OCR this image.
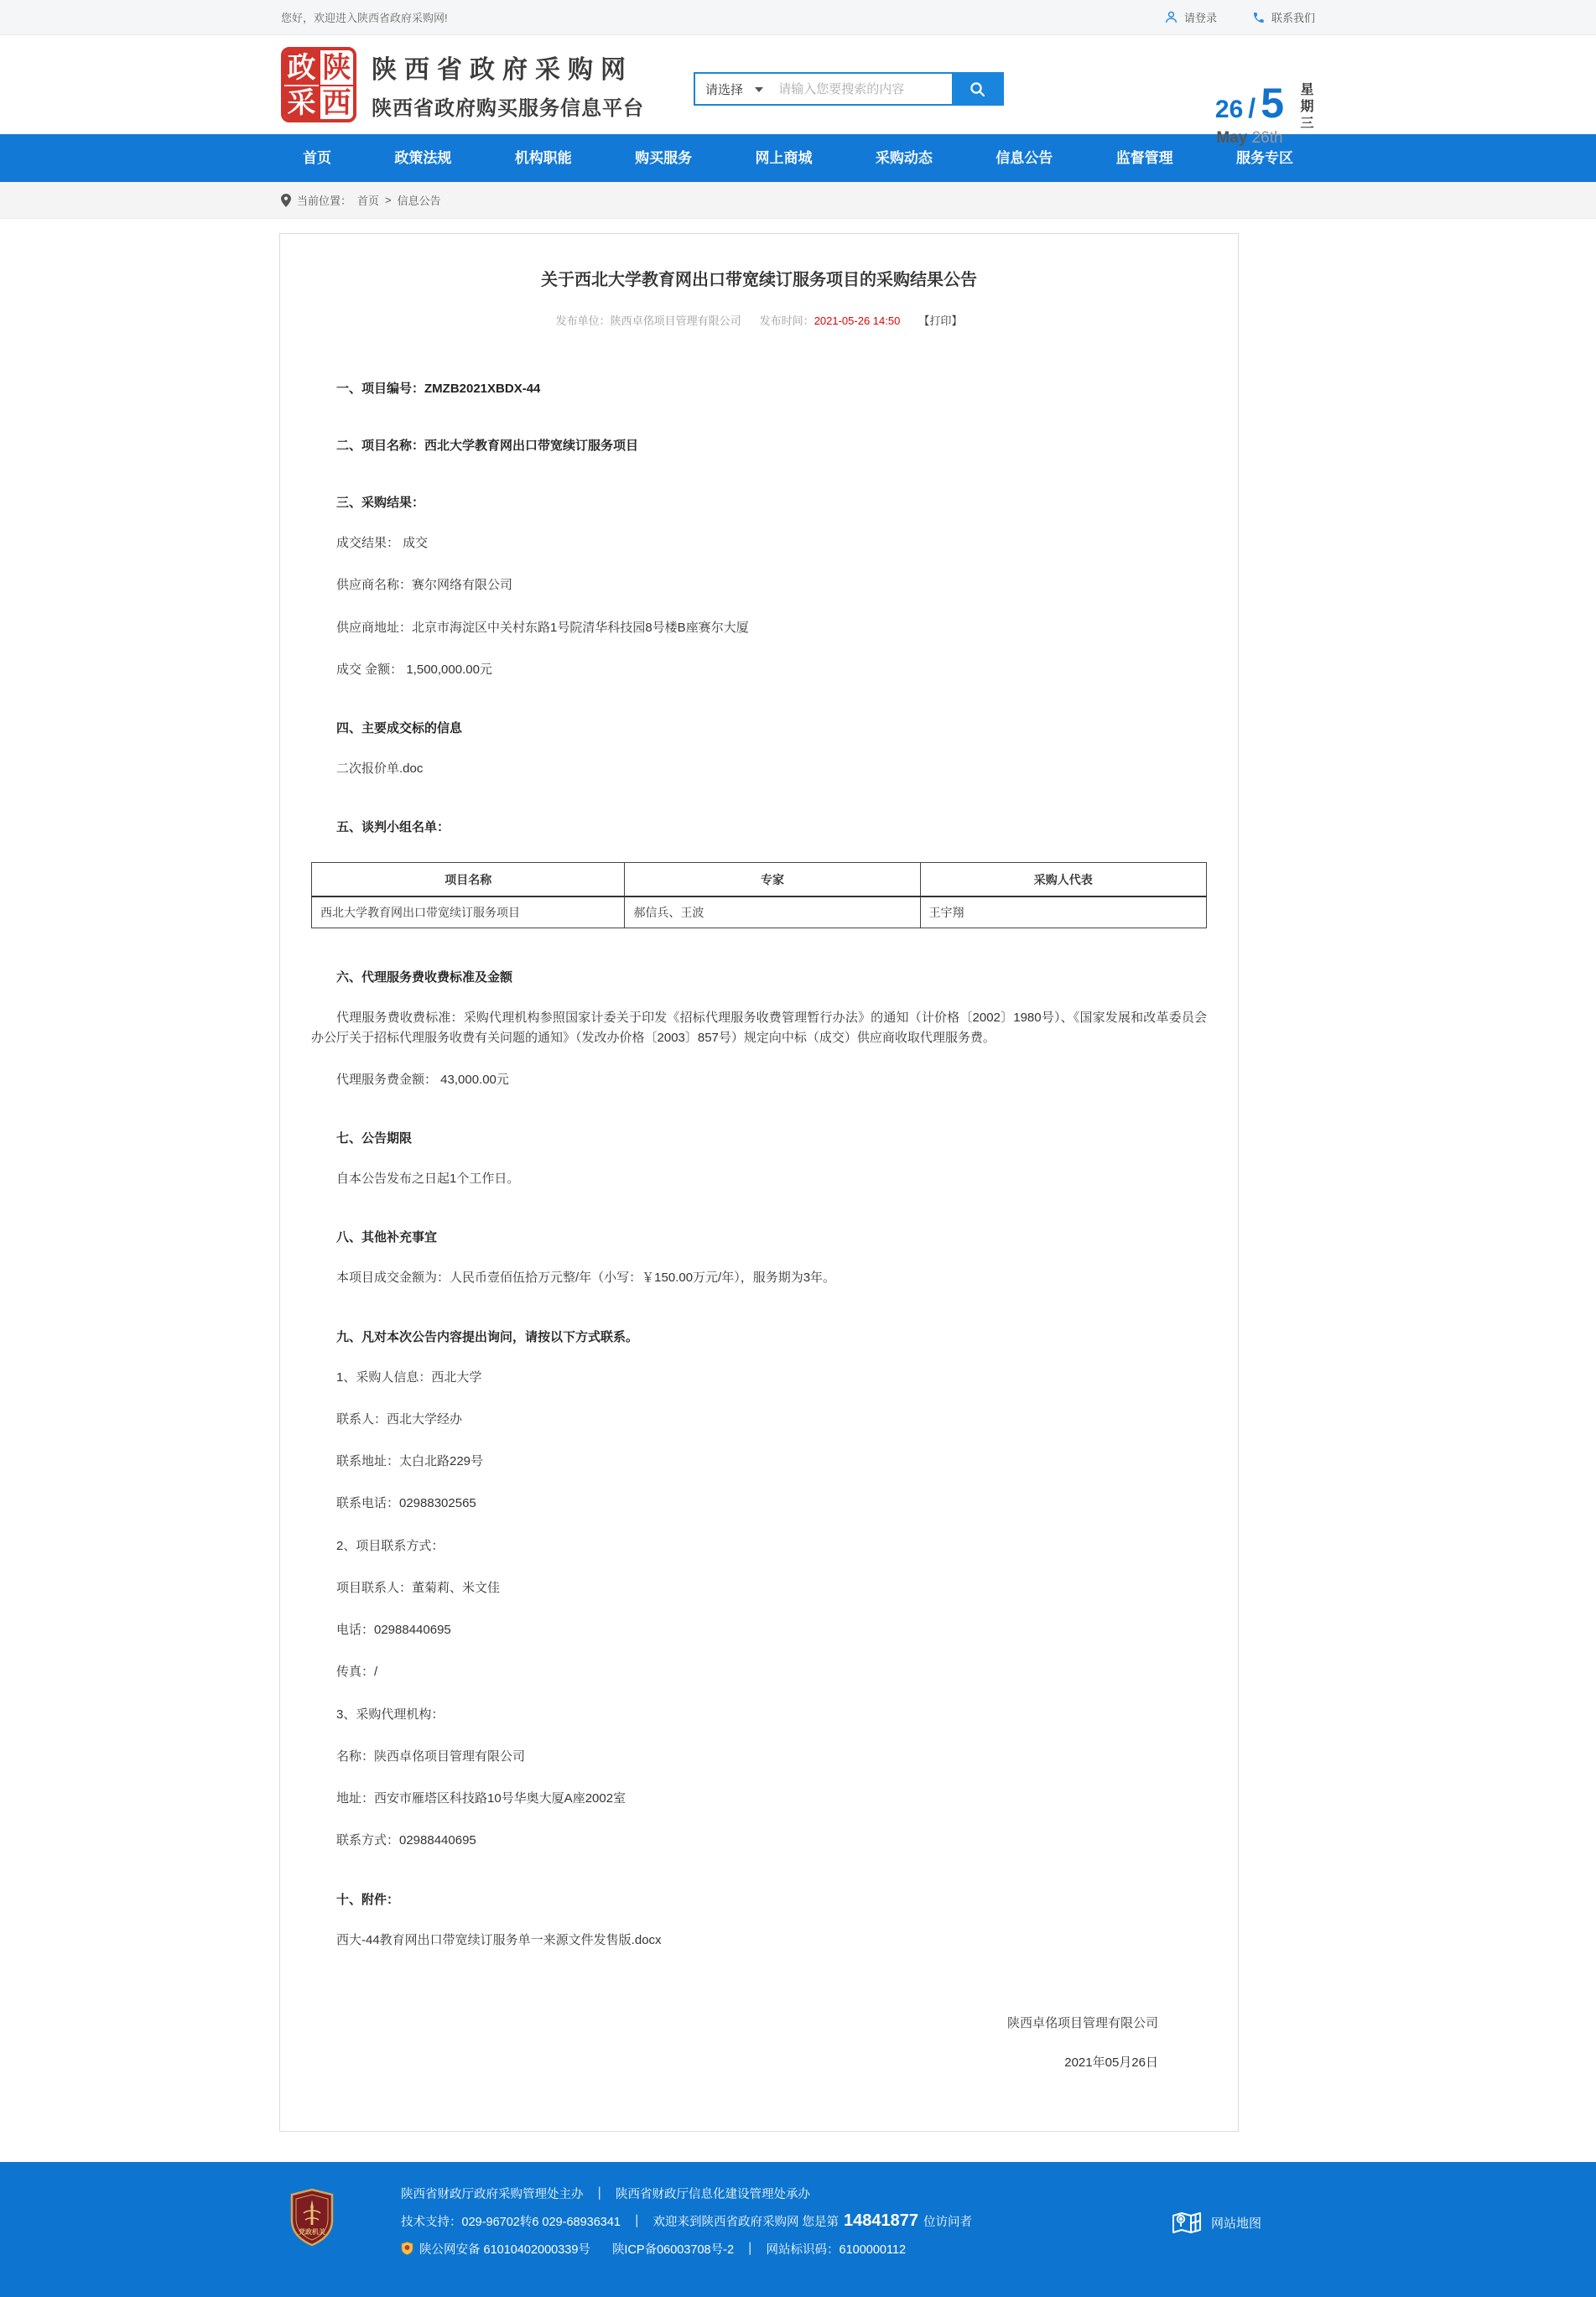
您好，欢迎进入陕西省政府采购网!	请登录	联系我们
政 陕
采 西
陕西省政府采购网
陕西省政府购买服务信息平台
请选择
请输入您要搜索的内容
26 / 5
May 26th
星期三
首页	政策法规	机构职能	购买服务	网上商城	采购动态	信息公告	监督管理	服务专区
当前位置： 首页 > 信息公告
关于西北大学教育网出口带宽续订服务项目的采购结果公告
发布单位：陕西卓佲项目管理有限公司 发布时间：2021-05-26 14:50 【打印】
一、项目编号：ZMZB2021XBDX-44
二、项目名称：西北大学教育网出口带宽续订服务项目
三、采购结果：

成交结果： 成交

供应商名称：赛尔网络有限公司

供应商地址：北京市海淀区中关村东路1号院清华科技园8号楼B座赛尔大厦

成交 金额： 1,500,000.00元

四、主要成交标的信息

二次报价单.doc

五、谈判小组名单：
项目名称	专家	采购人代表
西北大学教育网出口带宽续订服务项目	郝信兵、王波	王宇翔
六、代理服务费收费标准及金额

代理服务费收费标准：采购代理机构参照国家计委关于印发《招标代理服务收费管理暂行办法》的通知（计价格〔2002〕1980号）、《国家发展和改革委员会办公厅关于招标代理服务收费有关问题的通知》（发改办价格〔2003〕857号）规定向中标（成交）供应商收取代理服务费。

代理服务费金额： 43,000.00元

七、公告期限

自本公告发布之日起1个工作日。

八、其他补充事宜

本项目成交金额为：人民币壹佰伍拾万元整/年（小写：￥150.00万元/年），服务期为3年。

九、凡对本次公告内容提出询问，请按以下方式联系。

1、采购人信息：西北大学

联系人：西北大学经办

联系地址：太白北路229号

联系电话：02988302565

2、项目联系方式：

项目联系人：董菊莉、米文佳

电话：02988440695

传真：/

3、采购代理机构：

名称：陕西卓佲项目管理有限公司

地址：西安市雁塔区科技路10号华奥大厦A座2002室

联系方式：02988440695

十、附件：

西大-44教育网出口带宽续订服务单一来源文件发售版.docx

陕西卓佲项目管理有限公司
2021年05月26日
党政机关
陕西省财政厅政府采购管理处主办 ｜ 陕西省财政厅信息化建设管理处承办
技术支持：029-96702转6 029-68936341 ｜ 欢迎来到陕西省政府采购网 您是第 14841877 位访问者
陕公网安备 61010402000339号 陕ICP备06003708号-2 ｜ 网站标识码：6100000112
网站地图
